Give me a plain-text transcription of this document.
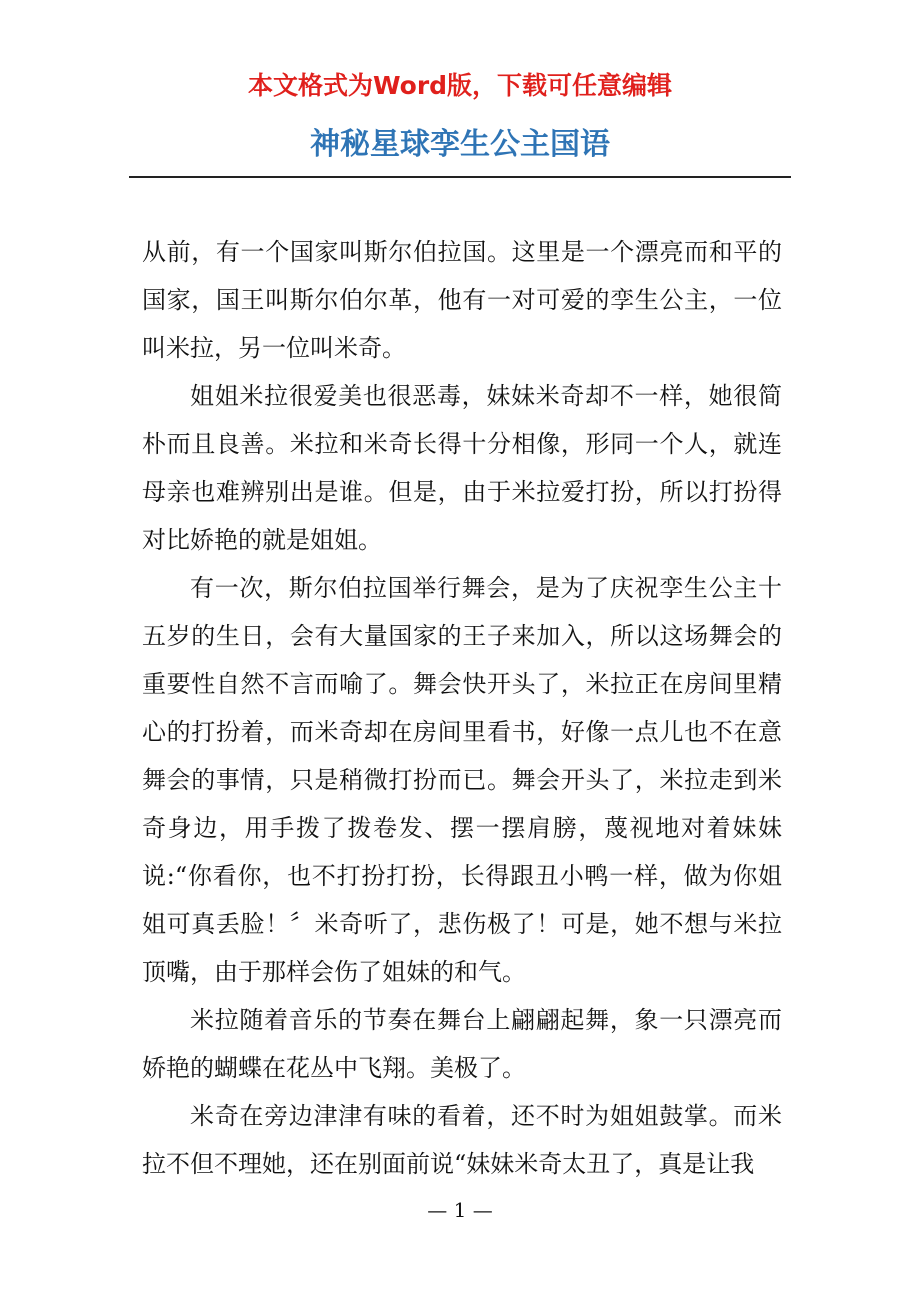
本文格式为Word版，下载可任意编辑
神秘星球孪生公主国语

从前，有一个国家叫斯尔伯拉国。这里是一个漂亮而和平的国家，国王叫斯尔伯尔革，他有一对可爱的孪生公主，一位叫米拉，另一位叫米奇。

姐姐米拉很爱美也很恶毒，妹妹米奇却不一样，她很简朴而且良善。米拉和米奇长得十分相像，形同一个人，就连母亲也难辨别出是谁。但是，由于米拉爱打扮，所以打扮得对比娇艳的就是姐姐。

有一次，斯尔伯拉国举行舞会，是为了庆祝孪生公主十五岁的生日，会有大量国家的王子来加入，所以这场舞会的重要性自然不言而喻了。舞会快开头了，米拉正在房间里精心的打扮着，而米奇却在房间里看书，好像一点儿也不在意舞会的事情，只是稍微打扮而已。舞会开头了，米拉走到米奇身边，用手拨了拨卷发、摆一摆肩膀，蔑视地对着妹妹说:“你看你，也不打扮打扮，长得跟丑小鸭一样，做为你姐姐可真丢脸！〞米奇听了，悲伤极了！可是，她不想与米拉顶嘴，由于那样会伤了姐妹的和气。

米拉随着音乐的节奏在舞台上翩翩起舞，象一只漂亮而娇艳的蝴蝶在花丛中飞翔。美极了。

米奇在旁边津津有味的看着，还不时为姐姐鼓掌。而米拉不但不理她，还在别面前说“妹妹米奇太丑了，真是让我

— 1 —
